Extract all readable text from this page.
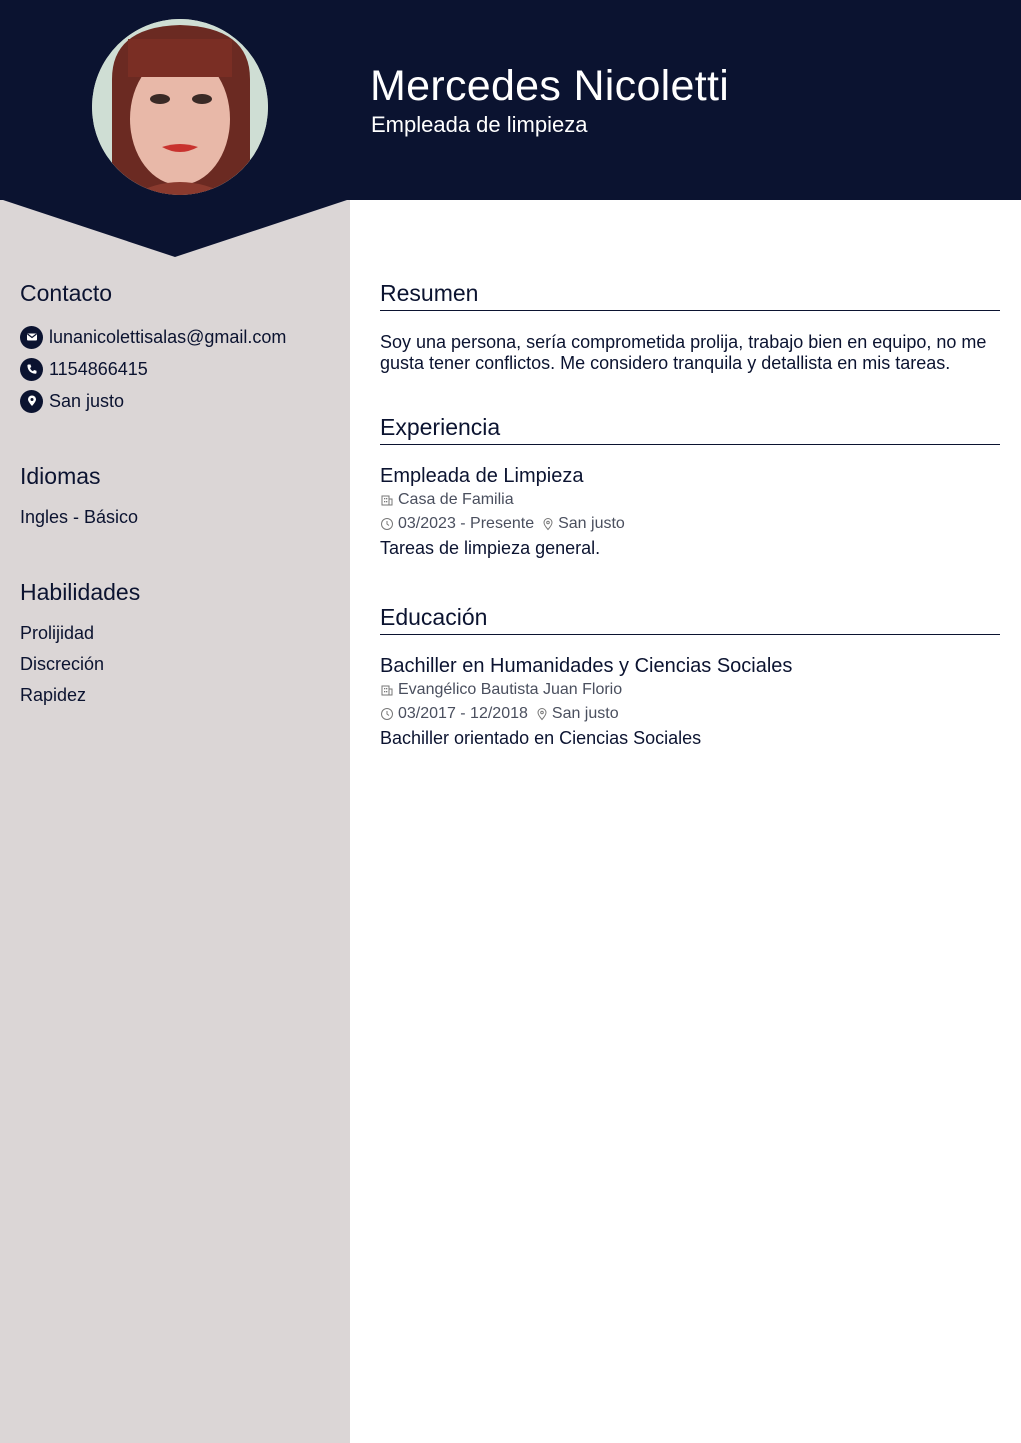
Mercedes Nicoletti
Empleada de limpieza
Contacto
lunanicolettisalas@gmail.com
1154866415
San justo
Idiomas
Ingles - Básico
Habilidades
Prolijidad
Discreción
Rapidez
Resumen
Soy una persona, sería comprometida prolija, trabajo bien en equipo, no me gusta tener conflictos. Me considero tranquila y detallista en mis tareas.
Experiencia
Empleada de Limpieza
Casa de Familia
03/2023 - Presente San justo
Tareas de limpieza general.
Educación
Bachiller en Humanidades y Ciencias Sociales
Evangélico Bautista Juan Florio
03/2017 - 12/2018 San justo
Bachiller orientado en Ciencias Sociales
